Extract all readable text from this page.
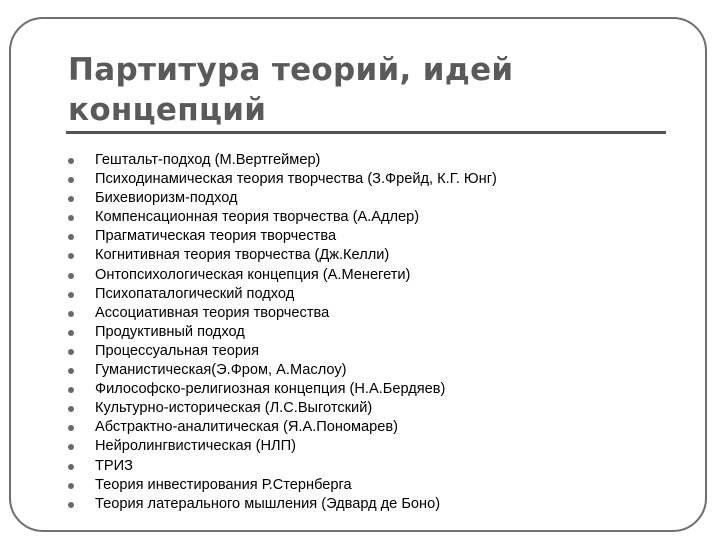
Партитура теорий, идей
концепций
Гештальт-подход (М.Вертгеймер)
Психодинамическая теория творчества (З.Фрейд, К.Г. Юнг)
Бихевиоризм-подход
Компенсационная теория творчества (А.Адлер)
Прагматическая теория творчества
Когнитивная теория творчества (Дж.Келли)
Онтопсихологическая концепция (А.Менегети)
Психопаталогический подход
Ассоциативная теория творчества
Продуктивный подход
Процессуальная теория
Гуманистическая(Э.Фром, А.Маслоу)
Философско-религиозная концепция (Н.А.Бердяев)
Культурно-историческая (Л.С.Выготский)
Абстрактно-аналитическая (Я.А.Пономарев)
Нейролингвистическая (НЛП)
ТРИЗ
Теория инвестирования Р.Стернберга
Теория латерального мышления (Эдвард де Боно)
